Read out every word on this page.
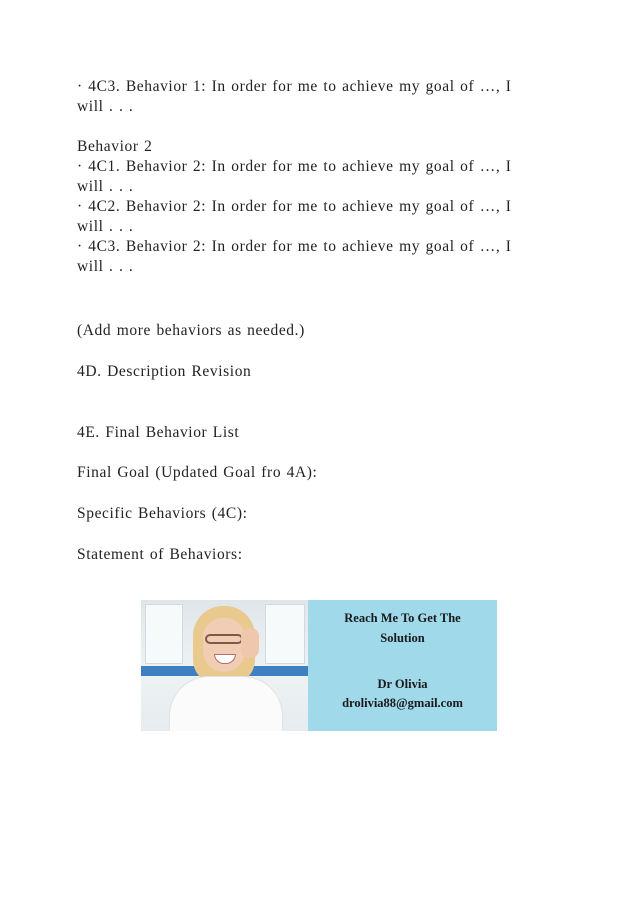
· 4C3. Behavior 1: In order for me to achieve my goal of …, I
will . . .
Behavior 2
· 4C1. Behavior 2: In order for me to achieve my goal of …, I
will . . .
· 4C2. Behavior 2: In order for me to achieve my goal of …, I
will . . .
· 4C3. Behavior 2: In order for me to achieve my goal of …, I
will . . .
(Add more behaviors as needed.)
4D. Description Revision
4E. Final Behavior List
Final Goal (Updated Goal fro 4A):
Specific Behaviors (4C):
Statement of Behaviors:
Reach Me To Get The
Solution
Dr Olivia
drolivia88@gmail.com
